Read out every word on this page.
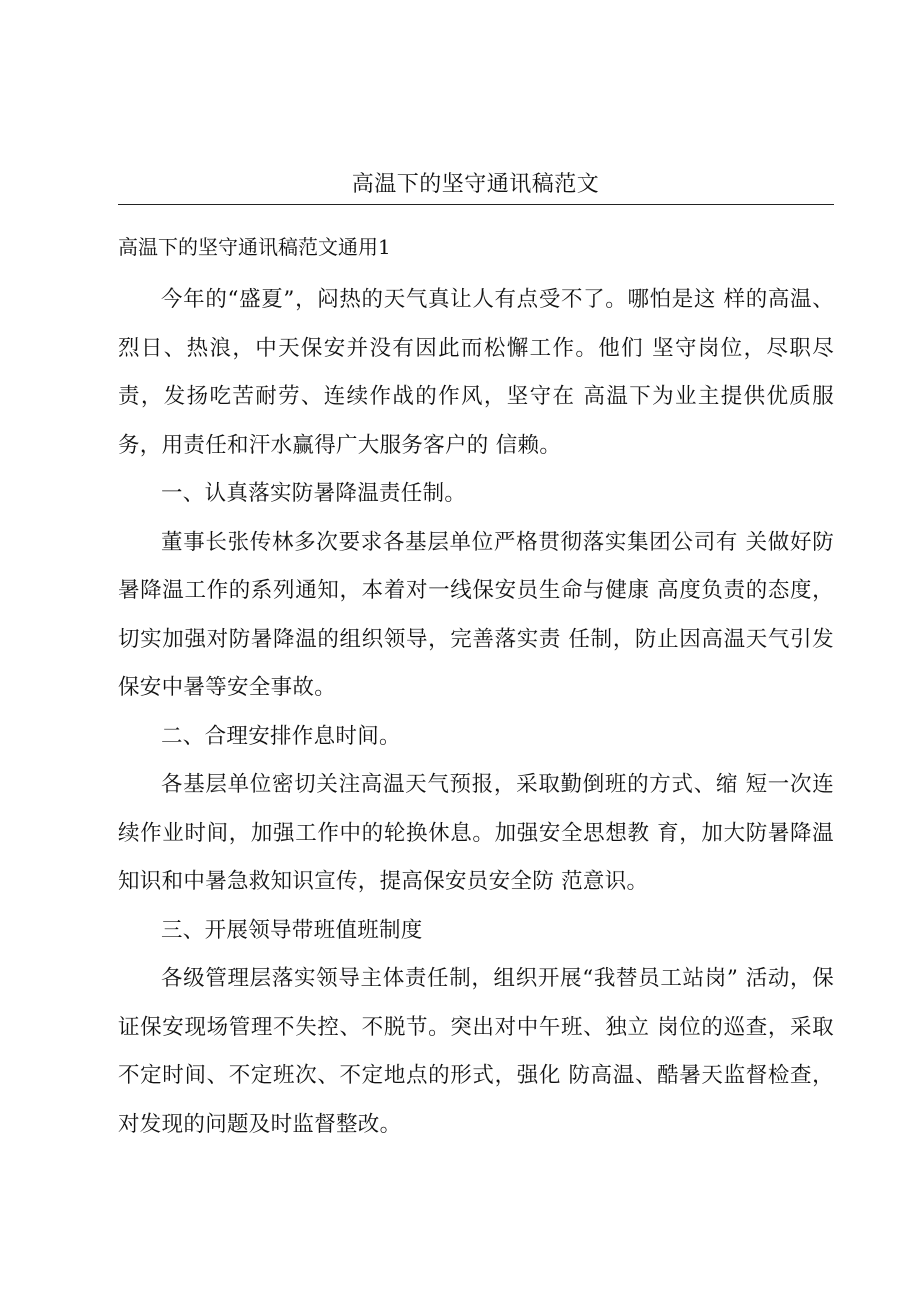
高温下的坚守通讯稿范文

高温下的坚守通讯稿范文通用1

今年的“盛夏”，闷热的天气真让人有点受不了。哪怕是这 样的高温、烈日、热浪，中天保安并没有因此而松懈工作。他们 坚守岗位，尽职尽责，发扬吃苦耐劳、连续作战的作风，坚守在 高温下为业主提供优质服务，用责任和汗水赢得广大服务客户的 信赖。

一、认真落实防暑降温责任制。

董事长张传林多次要求各基层单位严格贯彻落实集团公司有 关做好防暑降温工作的系列通知，本着对一线保安员生命与健康 高度负责的态度，切实加强对防暑降温的组织领导，完善落实责 任制，防止因高温天气引发保安中暑等安全事故。

二、合理安排作息时间。

各基层单位密切关注高温天气预报，采取勤倒班的方式、缩 短一次连续作业时间，加强工作中的轮换休息。加强安全思想教 育，加大防暑降温知识和中暑急救知识宣传，提高保安员安全防 范意识。

三、开展领导带班值班制度

各级管理层落实领导主体责任制，组织开展“我替员工站岗” 活动，保证保安现场管理不失控、不脱节。突出对中午班、独立 岗位的巡查，采取不定时间、不定班次、不定地点的形式，强化 防高温、酷暑天监督检查，对发现的问题及时监督整改。
